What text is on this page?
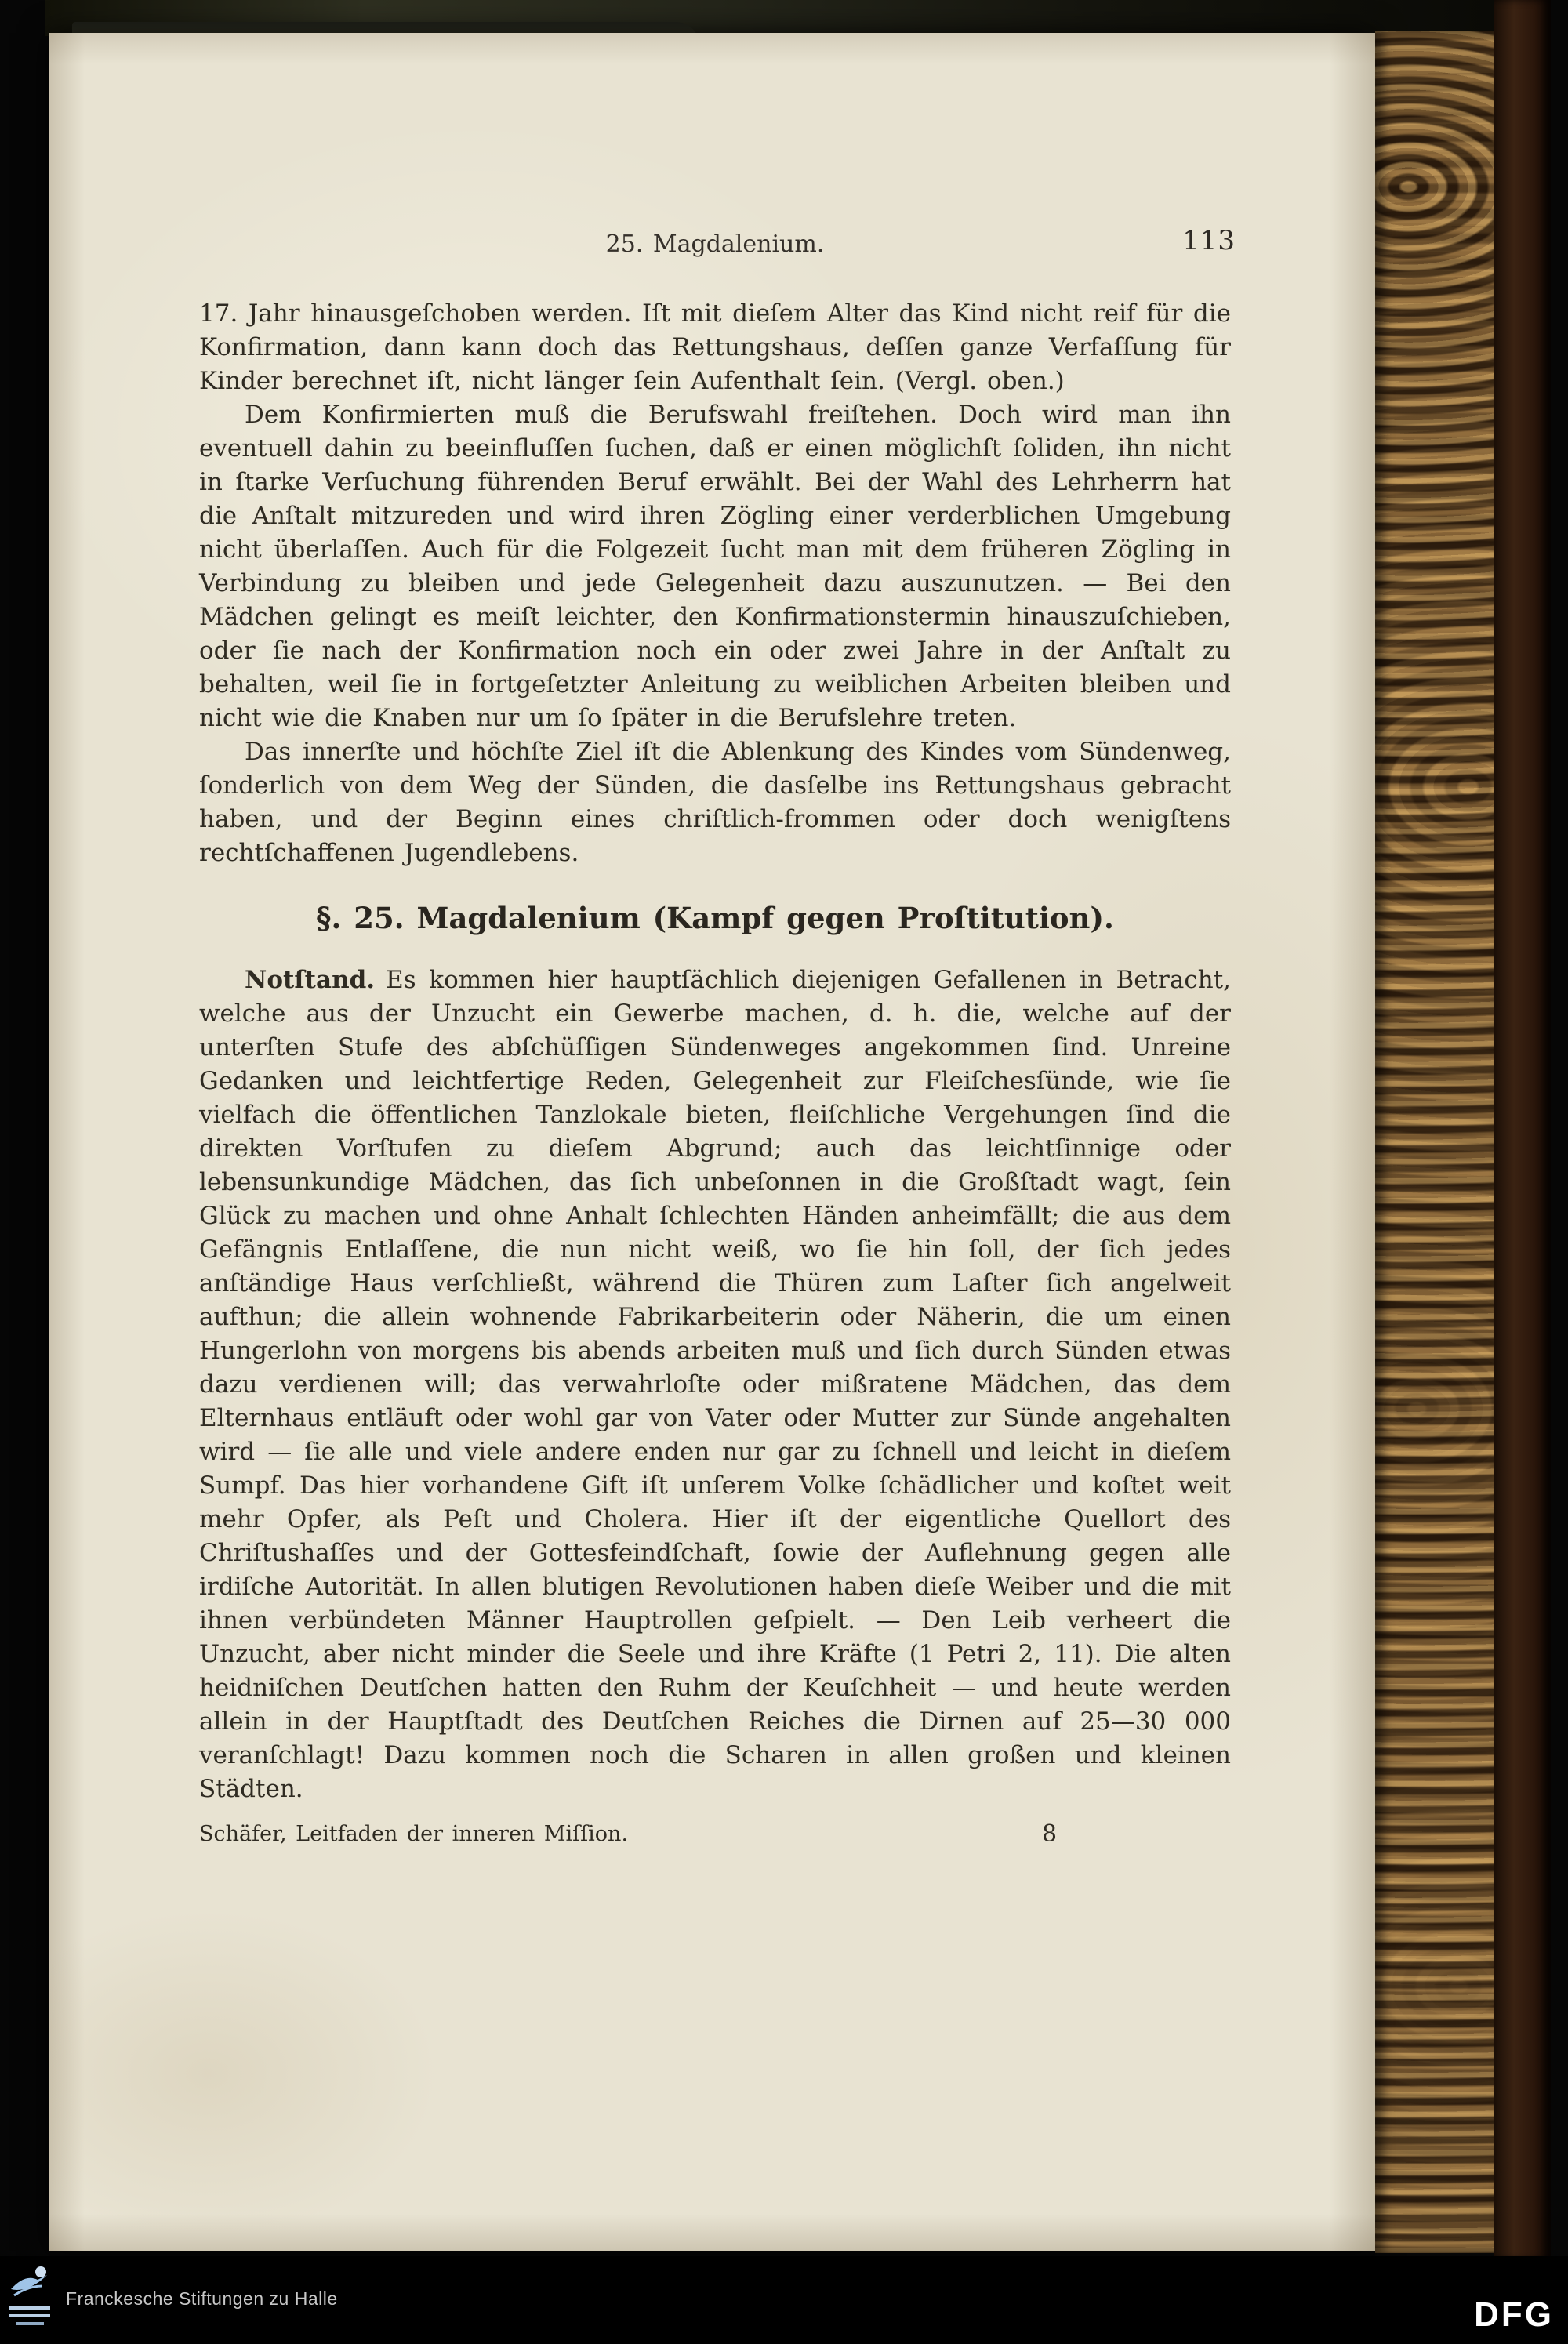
25. Magdalenium.	113

17. Jahr hinausgeſchoben werden. Iſt mit dieſem Alter das Kind nicht reif für die Konfirmation, dann kann doch das Rettungshaus, deſſen ganze Verfaſſung für Kinder berechnet iſt, nicht länger ſein Aufenthalt ſein. (Vergl. oben.)

Dem Konfirmierten muß die Berufswahl freiſtehen. Doch wird man ihn eventuell dahin zu beeinfluſſen ſuchen, daß er einen möglichſt ſoliden, ihn nicht in ſtarke Verſuchung führenden Beruf erwählt. Bei der Wahl des Lehrherrn hat die Anſtalt mitzureden und wird ihren Zögling einer verderblichen Umgebung nicht überlaſſen. Auch für die Folgezeit ſucht man mit dem früheren Zögling in Verbindung zu bleiben und jede Gelegenheit dazu auszunutzen. — Bei den Mädchen gelingt es meiſt leichter, den Konfirmationstermin hinauszuſchieben, oder ſie nach der Konfirmation noch ein oder zwei Jahre in der Anſtalt zu behalten, weil ſie in fortgeſetzter Anleitung zu weiblichen Arbeiten bleiben und nicht wie die Knaben nur um ſo ſpäter in die Berufslehre treten.

Das innerſte und höchſte Ziel iſt die Ablenkung des Kindes vom Sündenweg, ſonderlich von dem Weg der Sünden, die dasſelbe ins Rettungshaus gebracht haben, und der Beginn eines chriſtlich-frommen oder doch wenigſtens rechtſchaffenen Jugendlebens.

§. 25. Magdalenium (Kampf gegen Proſtitution).

Notſtand. Es kommen hier hauptſächlich diejenigen Gefallenen in Betracht, welche aus der Unzucht ein Gewerbe machen, d. h. die, welche auf der unterſten Stufe des abſchüſſigen Sündenweges angekommen ſind. Unreine Gedanken und leichtfertige Reden, Gelegenheit zur Fleiſchesſünde, wie ſie vielfach die öffentlichen Tanzlokale bieten, fleiſchliche Vergehungen ſind die direkten Vorſtufen zu dieſem Abgrund; auch das leichtſinnige oder lebensunkundige Mädchen, das ſich unbeſonnen in die Großſtadt wagt, ſein Glück zu machen und ohne Anhalt ſchlechten Händen anheimfällt; die aus dem Gefängnis Entlaſſene, die nun nicht weiß, wo ſie hin ſoll, der ſich jedes anſtändige Haus verſchließt, während die Thüren zum Laſter ſich angelweit aufthun; die allein wohnende Fabrikarbeiterin oder Näherin, die um einen Hungerlohn von morgens bis abends arbeiten muß und ſich durch Sünden etwas dazu verdienen will; das verwahrloſte oder mißratene Mädchen, das dem Elternhaus entläuft oder wohl gar von Vater oder Mutter zur Sünde angehalten wird — ſie alle und viele andere enden nur gar zu ſchnell und leicht in dieſem Sumpf. Das hier vorhandene Gift iſt unſerem Volke ſchädlicher und koſtet weit mehr Opfer, als Peſt und Cholera. Hier iſt der eigentliche Quellort des Chriſtushaſſes und der Gottesfeindſchaft, ſowie der Auflehnung gegen alle irdiſche Autorität. In allen blutigen Revolutionen haben dieſe Weiber und die mit ihnen verbündeten Männer Hauptrollen geſpielt. — Den Leib verheert die Unzucht, aber nicht minder die Seele und ihre Kräfte (1 Petri 2, 11). Die alten heidniſchen Deutſchen hatten den Ruhm der Keuſchheit — und heute werden allein in der Hauptſtadt des Deutſchen Reiches die Dirnen auf 25—30 000 veranſchlagt! Dazu kommen noch die Scharen in allen großen und kleinen Städten.

Schäfer, Leitfaden der inneren Miſſion.	8
Franckesche Stiftungen zu Halle	DFG
